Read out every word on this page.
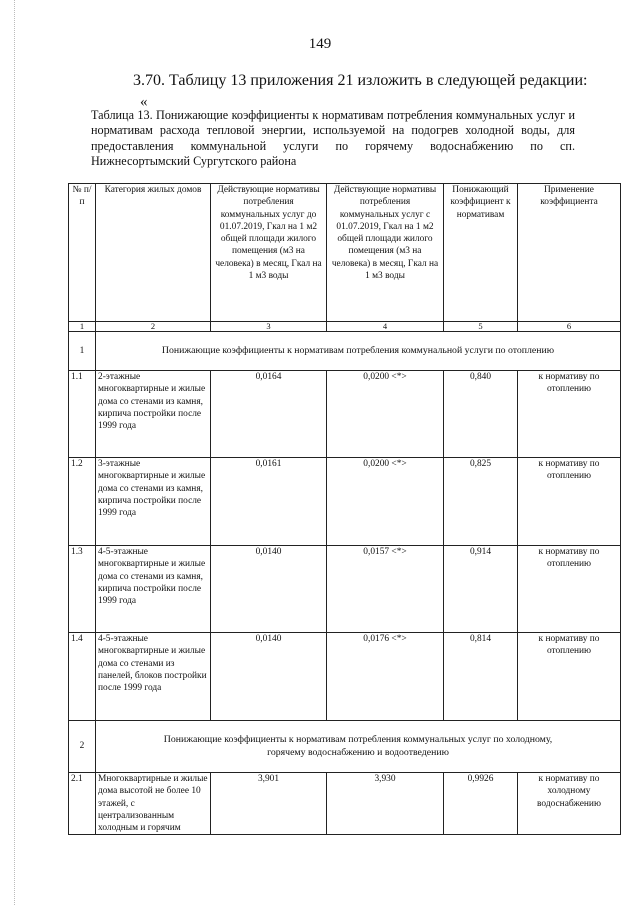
149
3.70. Таблицу 13 приложения 21 изложить в следующей редакции:
«
Таблица 13. Понижающие коэффициенты к нормативам потребления коммунальных услуг и нормативам расхода тепловой энергии, используемой на подогрев холодной воды, для предоставления коммунальной услуги по горячему водоснабжению по сп. Нижнесортымский Сургутского района
№ п/п	Категория жилых домов	Действующие нормативы потребления коммунальных услуг до 01.07.2019, Гкал на 1 м2 общей площади жилого помещения (м3 на человека) в месяц, Гкал на 1 м3 воды	Действующие нормативы потребления коммунальных услуг с 01.07.2019, Гкал на 1 м2 общей площади жилого помещения (м3 на человека) в месяц, Гкал на 1 м3 воды	Понижающий коэффициент к нормативам	Применение коэффициента
1	2	3	4	5	6
1	Понижающие коэффициенты к нормативам потребления коммунальной услуги по отоплению				
1.1	2-этажные многоквартирные и жилые дома со стенами из камня, кирпича постройки после 1999 года	0,0164	0,0200 <*>	0,840	к нормативу по отоплению
1.2	3-этажные многоквартирные и жилые дома со стенами из камня, кирпича постройки после 1999 года	0,0161	0,0200 <*>	0,825	к нормативу по отоплению
1.3	4-5-этажные многоквартирные и жилые дома со стенами из камня, кирпича постройки после 1999 года	0,0140	0,0157 <*>	0,914	к нормативу по отоплению
1.4	4-5-этажные многоквартирные и жилые дома со стенами из панелей, блоков постройки после 1999 года	0,0140	0,0176 <*>	0,814	к нормативу по отоплению
2	Понижающие коэффициенты к нормативам потребления коммунальных услуг по холодному, горячему водоснабжению и водоотведению				
2.1	Многоквартирные и жилые дома высотой не более 10 этажей, с централизованным холодным и горячим	3,901	3,930	0,9926	к нормативу по холодному водоснабжению
